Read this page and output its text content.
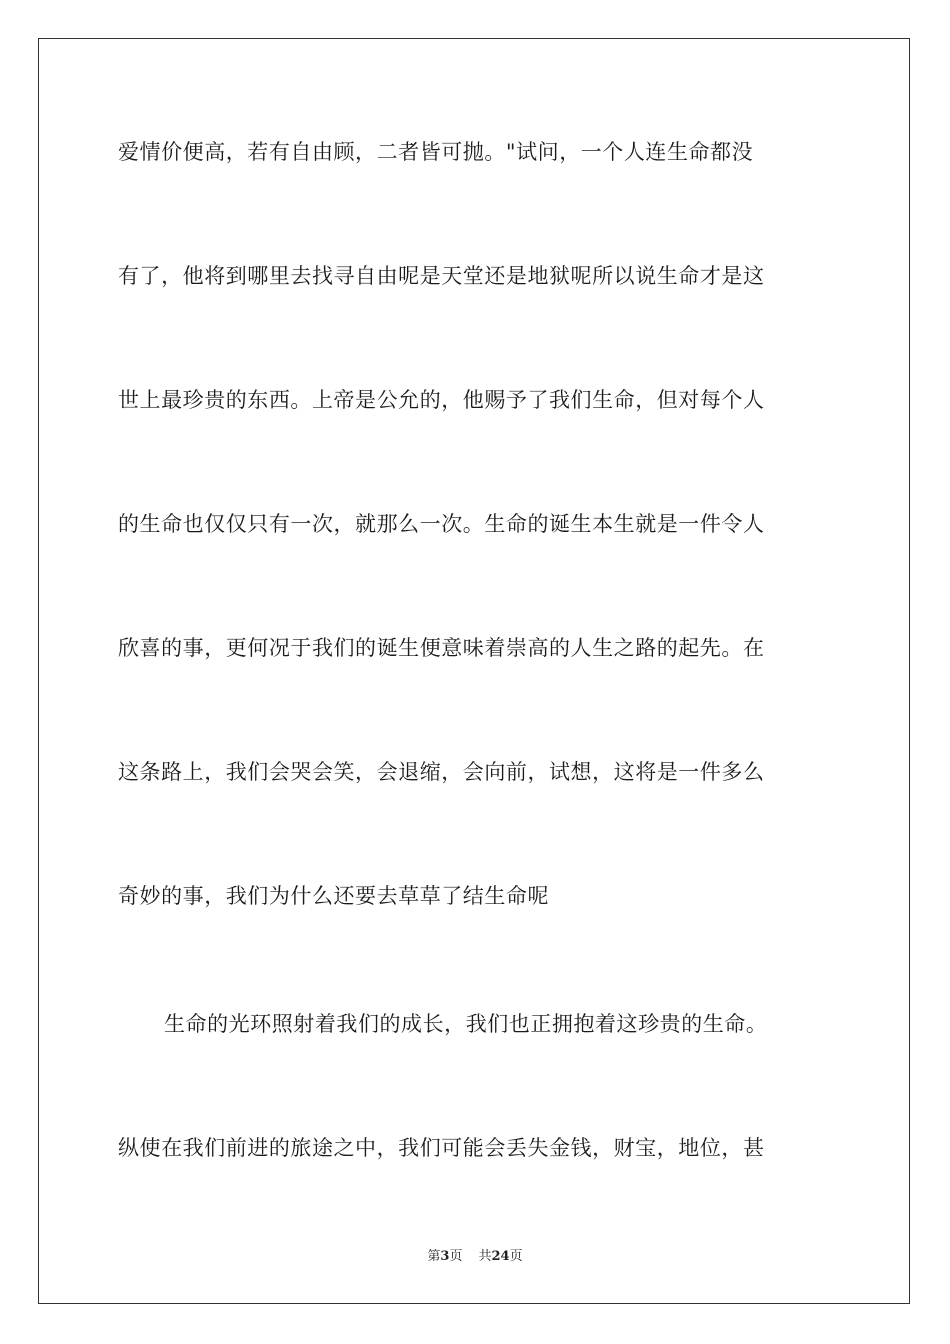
爱情价便高，若有自由顾，二者皆可抛。"试问，一个人连生命都没
有了，他将到哪里去找寻自由呢是天堂还是地狱呢所以说生命才是这
世上最珍贵的东西。上帝是公允的，他赐予了我们生命，但对每个人
的生命也仅仅只有一次，就那么一次。生命的诞生本生就是一件令人
欣喜的事，更何况于我们的诞生便意味着崇高的人生之路的起先。在
这条路上，我们会哭会笑，会退缩，会向前，试想，这将是一件多么
奇妙的事，我们为什么还要去草草了结生命呢
生命的光环照射着我们的成长，我们也正拥抱着这珍贵的生命。
纵使在我们前进的旅途之中，我们可能会丢失金钱，财宝，地位，甚
第3页 共24页
